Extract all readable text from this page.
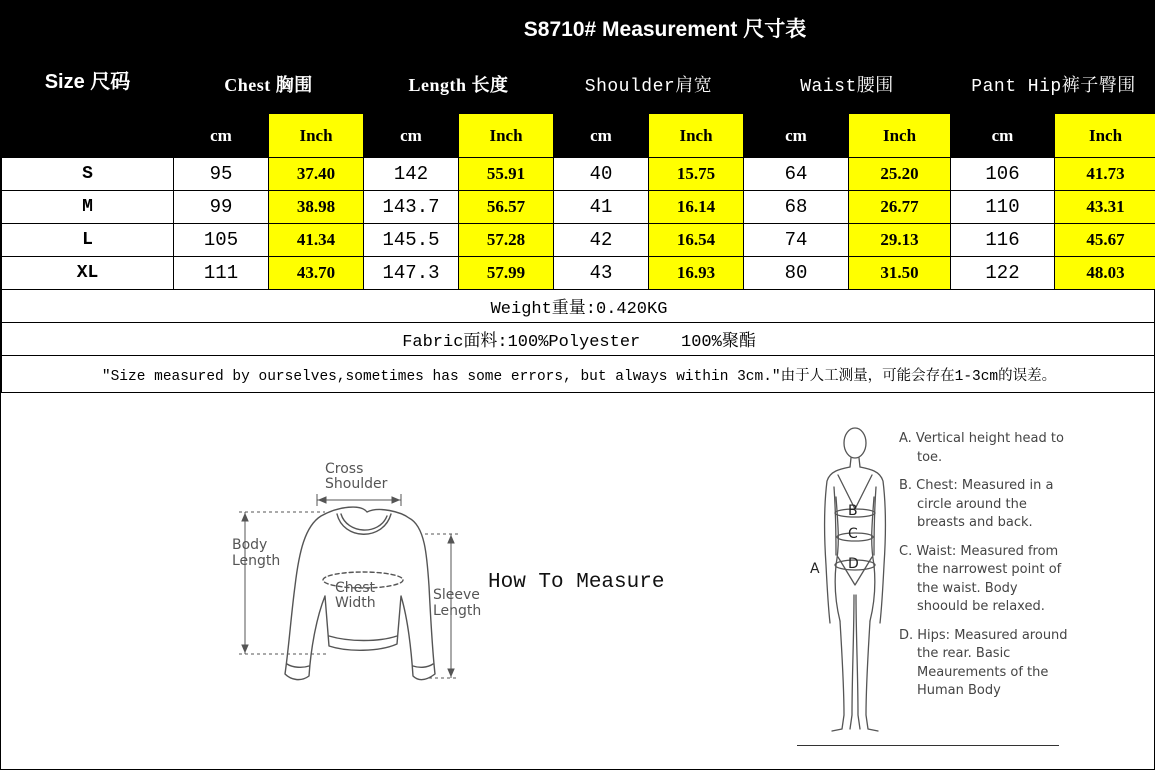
Size 尺码	S8710# Measurement 尺寸表									
	Chest 胸围		Length 长度		Shoulder肩宽		Waist腰围		Pant Hip裤子臀围	
	cm	Inch	cm	Inch	cm	Inch	cm	Inch	cm	Inch
S	95	37.40	142	55.91	40	15.75	64	25.20	106	41.73
M	99	38.98	143.7	56.57	41	16.14	68	26.77	110	43.31
L	105	41.34	145.5	57.28	42	16.54	74	29.13	116	45.67
XL	111	43.70	147.3	57.99	43	16.93	80	31.50	122	48.03
Weight重量:0.420KG										
Fabric面料:100%Polyester    100%聚酯										
"Size measured by ourselves,sometimes has some errors, but always within 3cm."由于人工测量，可能会存在1-3cm的误差。										
Cross
Shoulder
Body
Length
Chest
Width	Sleeve
Length
How To Measure
B
C
D
A
A. Vertical height head to toe.
B. Chest: Measured in a circle around the breasts and back.
C. Waist: Measured from the narrowest point of the waist. Body shoould be relaxed.
D. Hips: Measured around the rear. Basic Meaurements of the Human Body
